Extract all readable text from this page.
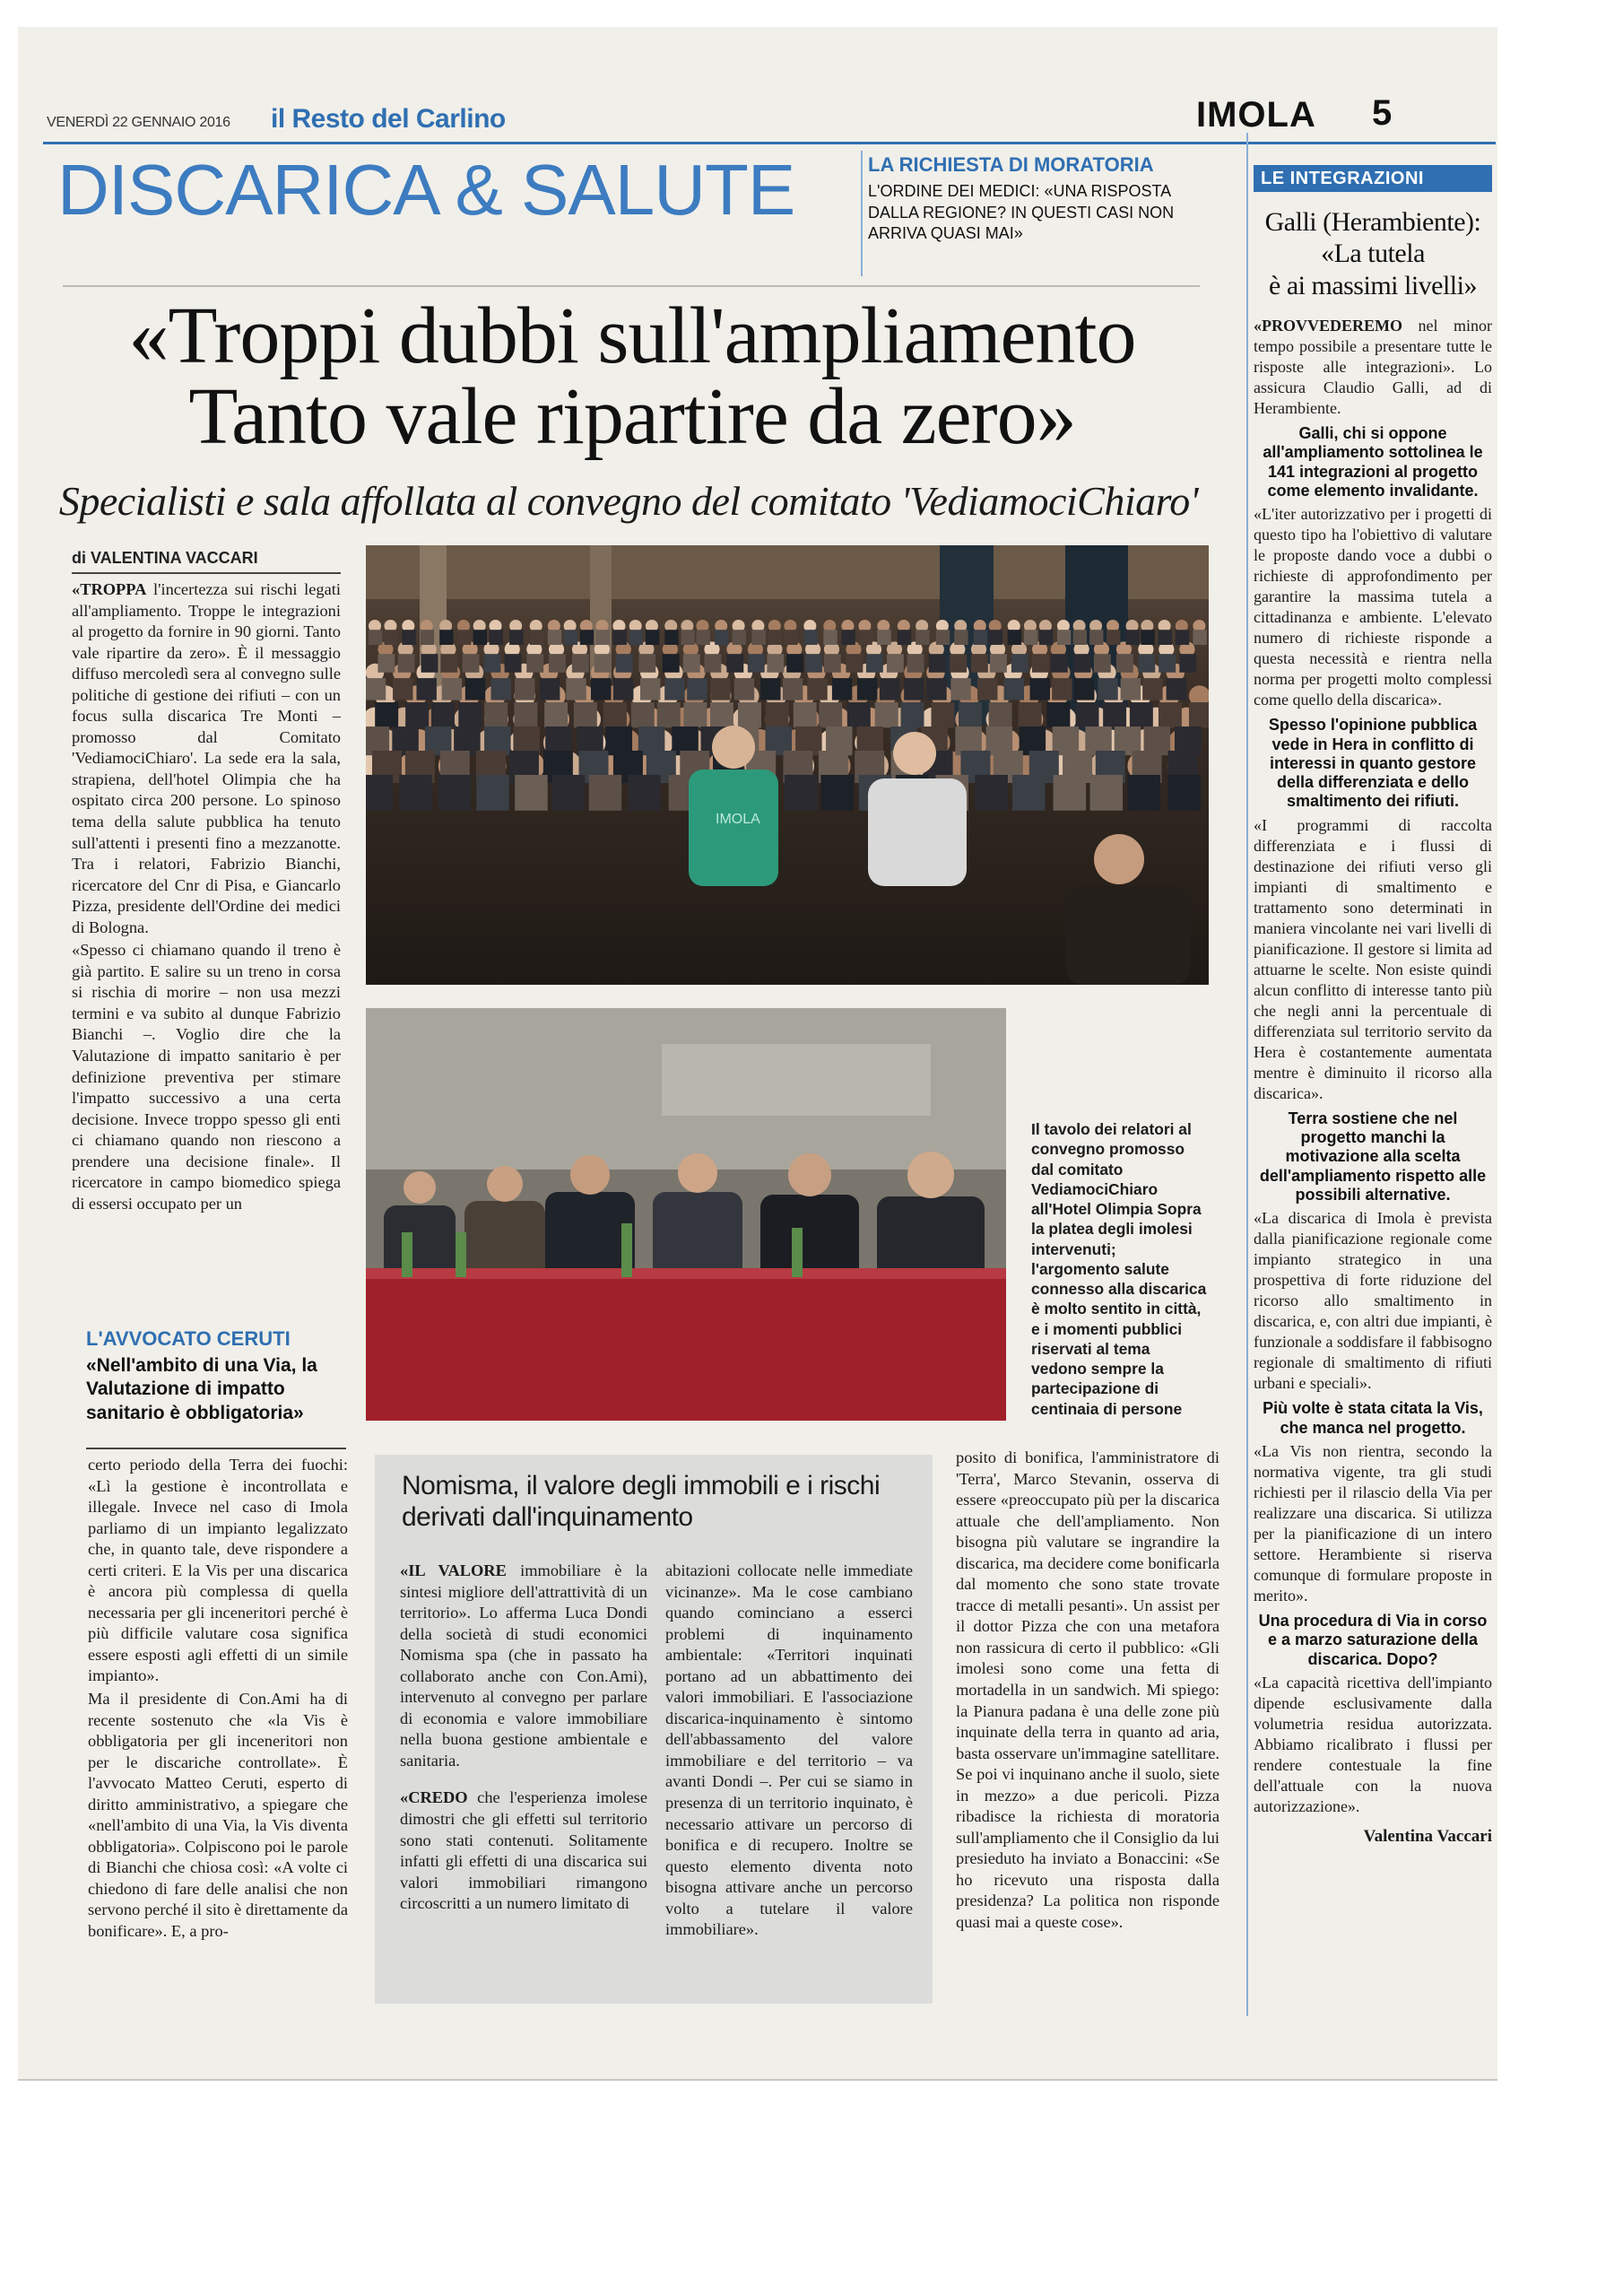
VENERDÌ 22 GENNAIO 2016 il Resto del Carlino	IMOLA 5
DISCARICA & SALUTE	LA RICHIESTA DI MORATORIA
L'ORDINE DEI MEDICI: «UNA RISPOSTA DALLA REGIONE? IN QUESTI CASI NON ARRIVA QUASI MAI»
«Troppi dubbi sull'ampliamento
Tanto vale ripartire da zero»
Specialisti e sala affollata al convegno del comitato 'VediamociChiaro'
di VALENTINA VACCARI

«TROPPA l'incertezza sui rischi legati all'ampliamento. Troppe le integrazioni al progetto da fornire in 90 giorni. Tanto vale ripartire da zero». È il messaggio diffuso mercoledì sera al convegno sulle politiche di gestione dei rifiuti – con un focus sulla discarica Tre Monti – promosso dal Comitato 'VediamociChiaro'. La sede era la sala, strapiena, dell'hotel Olimpia che ha ospitato circa 200 persone. Lo spinoso tema della salute pubblica ha tenuto sull'attenti i presenti fino a mezzanotte. Tra i relatori, Fabrizio Bianchi, ricercatore del Cnr di Pisa, e Giancarlo Pizza, presidente dell'Ordine dei medici di Bologna.

«Spesso ci chiamano quando il treno è già partito. E salire su un treno in corsa si rischia di morire – non usa mezzi termini e va subito al dunque Fabrizio Bianchi –. Voglio dire che la Valutazione di impatto sanitario è per definizione preventiva per stimare l'impatto successivo a una certa decisione. Invece troppo spesso gli enti ci chiamano quando non riescono a prendere una decisione finale». Il ricercatore in campo biomedico spiega di essersi occupato per un

IMOLA
Il tavolo dei relatori al convegno promosso dal comitato VediamociChiaro all'Hotel Olimpia Sopra la platea degli imolesi intervenuti; l'argomento salute connesso alla discarica è molto sentito in città, e i momenti pubblici riservati al tema vedono sempre la partecipazione di centinaia di persone
L'AVVOCATO CERUTI
«Nell'ambito di una Via, la Valutazione di impatto sanitario è obbligatoria»

certo periodo della Terra dei fuochi: «Lì la gestione è incontrollata e illegale. Invece nel caso di Imola parliamo di un impianto legalizzato che, in quanto tale, deve rispondere a certi criteri. E la Vis per una discarica è ancora più complessa di quella necessaria per gli inceneritori perché è più difficile valutare cosa significa essere esposti agli effetti di un simile impianto».

Ma il presidente di Con.Ami ha di recente sostenuto che «la Vis è obbligatoria per gli inceneritori non per le discariche controllate». È l'avvocato Matteo Ceruti, esperto di diritto amministrativo, a spiegare che «nell'ambito di una Via, la Vis diventa obbligatoria». Colpiscono poi le parole di Bianchi che chiosa così: «A volte ci chiedono di fare delle analisi che non servono perché il sito è direttamente da bonificare». E, a pro-

Nomisma, il valore degli immobili e i rischi derivati dall'inquinamento

«IL VALORE immobiliare è la sintesi migliore dell'attrattività di un territorio». Lo afferma Luca Dondi della società di studi economici Nomisma spa (che in passato ha collaborato anche con Con.Ami), intervenuto al convegno per parlare di economia e valore immobiliare nella buona gestione ambientale e sanitaria.

«CREDO che l'esperienza imolese dimostri che gli effetti sul territorio sono stati contenuti. Solitamente infatti gli effetti di una discarica sui valori immobiliari rimangono circoscritti a un numero limitato di

abitazioni collocate nelle immediate vicinanze». Ma le cose cambiano quando cominciano a esserci problemi di inquinamento ambientale: «Territori inquinati portano ad un abbattimento dei valori immobiliari. E l'associazione discarica-inquinamento è sintomo dell'abbassamento del valore immobiliare e del territorio – va avanti Dondi –. Per cui se siamo in presenza di un territorio inquinato, è necessario attivare un percorso di bonifica e di recupero. Inoltre se questo elemento diventa noto bisogna attivare anche un percorso volto a tutelare il valore immobiliare».

posito di bonifica, l'amministratore di 'Terra', Marco Stevanin, osserva di essere «preoccupato più per la discarica attuale che dell'ampliamento. Non bisogna più valutare se ingrandire la discarica, ma decidere come bonificarla dal momento che sono state trovate tracce di metalli pesanti». Un assist per il dottor Pizza che con una metafora non rassicura di certo il pubblico: «Gli imolesi sono come una fetta di mortadella in un sandwich. Mi spiego: la Pianura padana è una delle zone più inquinate della terra in quanto ad aria, basta osservare un'immagine satellitare. Se poi vi inquinano anche il suolo, siete in mezzo» a due pericoli. Pizza ribadisce la richiesta di moratoria sull'ampliamento che il Consiglio da lui presieduto ha inviato a Bonaccini: «Se ho ricevuto una risposta dalla presidenza? La politica non risponde quasi mai a queste cose».

LE INTEGRAZIONI
Galli (Herambiente):
«La tutela
è ai massimi livelli»

«PROVVEDEREMO nel minor tempo possibile a presentare tutte le risposte alle integrazioni». Lo assicura Claudio Galli, ad di Herambiente.

Galli, chi si oppone all'ampliamento sottolinea le 141 integrazioni al progetto come elemento invalidante.

«L'iter autorizzativo per i progetti di questo tipo ha l'obiettivo di valutare le proposte dando voce a dubbi o richieste di approfondimento per garantire la massima tutela a cittadinanza e ambiente. L'elevato numero di richieste risponde a questa necessità e rientra nella norma per progetti molto complessi come quello della discarica».

Spesso l'opinione pubblica vede in Hera in conflitto di interessi in quanto gestore della differenziata e dello smaltimento dei rifiuti.

«I programmi di raccolta differenziata e i flussi di destinazione dei rifiuti verso gli impianti di smaltimento e trattamento sono determinati in maniera vincolante nei vari livelli di pianificazione. Il gestore si limita ad attuarne le scelte. Non esiste quindi alcun conflitto di interesse tanto più che negli anni la percentuale di differenziata sul territorio servito da Hera è costantemente aumentata mentre è diminuito il ricorso alla discarica».

Terra sostiene che nel progetto manchi la motivazione alla scelta dell'ampliamento rispetto alle possibili alternative.

«La discarica di Imola è prevista dalla pianificazione regionale come impianto strategico in una prospettiva di forte riduzione del ricorso allo smaltimento in discarica, e, con altri due impianti, è funzionale a soddisfare il fabbisogno regionale di smaltimento di rifiuti urbani e speciali».

Più volte è stata citata la Vis, che manca nel progetto.

«La Vis non rientra, secondo la normativa vigente, tra gli studi richiesti per il rilascio della Via per realizzare una discarica. Si utilizza per la pianificazione di un intero settore. Herambiente si riserva comunque di formulare proposte in merito».

Una procedura di Via in corso e a marzo saturazione della discarica. Dopo?

«La capacità ricettiva dell'impianto dipende esclusivamente dalla volumetria residua autorizzata. Abbiamo ricalibrato i flussi per rendere contestuale la fine dell'attuale con la nuova autorizzazione».

Valentina Vaccari
